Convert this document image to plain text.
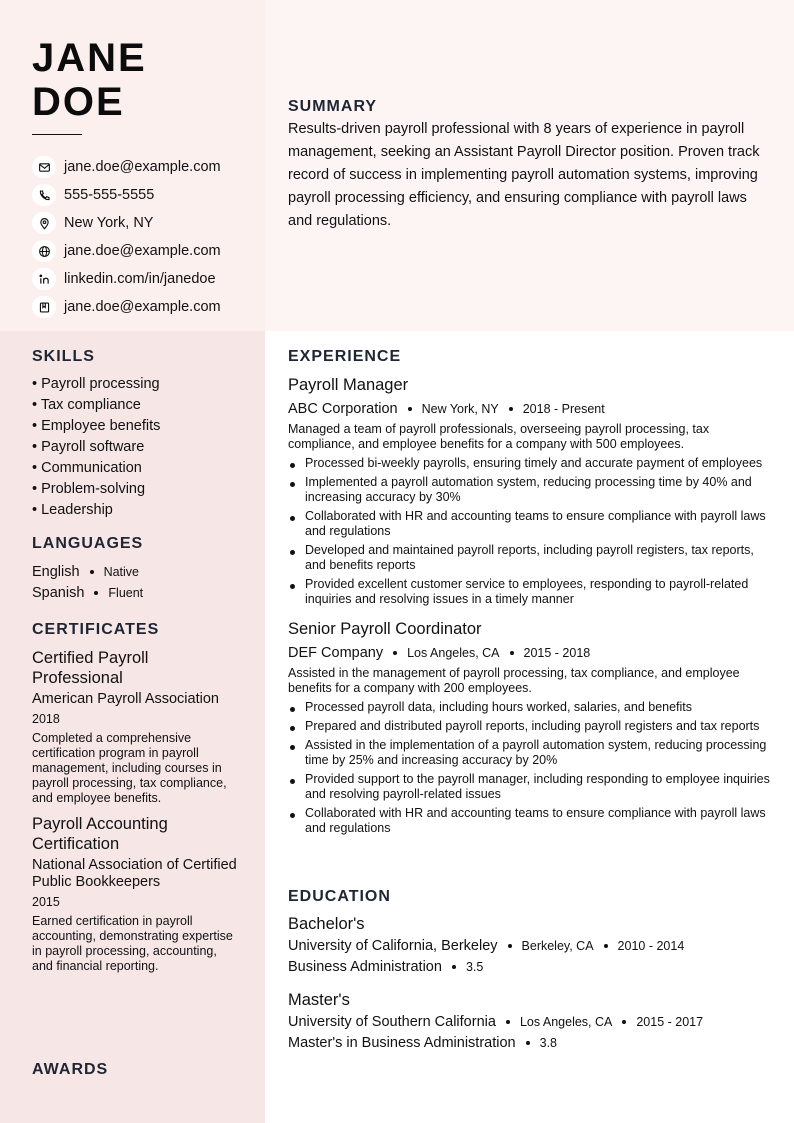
JANE
DOE
jane.doe@example.com
555-555-5555
New York, NY
jane.doe@example.com
linkedin.com/in/janedoe
jane.doe@example.com
SUMMARY
Results-driven payroll professional with 8 years of experience in payroll management, seeking an Assistant Payroll Director position. Proven track record of success in implementing payroll automation systems, improving payroll processing efficiency, and ensuring compliance with payroll laws and regulations.
SKILLS
• Payroll processing
• Tax compliance
• Employee benefits
• Payroll software
• Communication
• Problem-solving
• Leadership
LANGUAGES
English Native
Spanish Fluent
CERTIFICATES
Certified Payroll Professional
American Payroll Association
2018
Completed a comprehensive certification program in payroll management, including courses in payroll processing, tax compliance, and employee benefits.
Payroll Accounting Certification
National Association of Certified Public Bookkeepers
2015
Earned certification in payroll accounting, demonstrating expertise in payroll processing, accounting, and financial reporting.
AWARDS
EXPERIENCE
Payroll Manager
ABC Corporation New York, NY 2018 - Present
Managed a team of payroll professionals, overseeing payroll processing, tax compliance, and employee benefits for a company with 500 employees.
Processed bi-weekly payrolls, ensuring timely and accurate payment of employees
Implemented a payroll automation system, reducing processing time by 40% and increasing accuracy by 30%
Collaborated with HR and accounting teams to ensure compliance with payroll laws and regulations
Developed and maintained payroll reports, including payroll registers, tax reports, and benefits reports
Provided excellent customer service to employees, responding to payroll-related inquiries and resolving issues in a timely manner
Senior Payroll Coordinator
DEF Company Los Angeles, CA 2015 - 2018
Assisted in the management of payroll processing, tax compliance, and employee benefits for a company with 200 employees.
Processed payroll data, including hours worked, salaries, and benefits
Prepared and distributed payroll reports, including payroll registers and tax reports
Assisted in the implementation of a payroll automation system, reducing processing time by 25% and increasing accuracy by 20%
Provided support to the payroll manager, including responding to employee inquiries and resolving payroll-related issues
Collaborated with HR and accounting teams to ensure compliance with payroll laws and regulations
EDUCATION
Bachelor's
University of California, Berkeley Berkeley, CA 2010 - 2014
Business Administration 3.5
Master's
University of Southern California Los Angeles, CA 2015 - 2017
Master's in Business Administration 3.8
